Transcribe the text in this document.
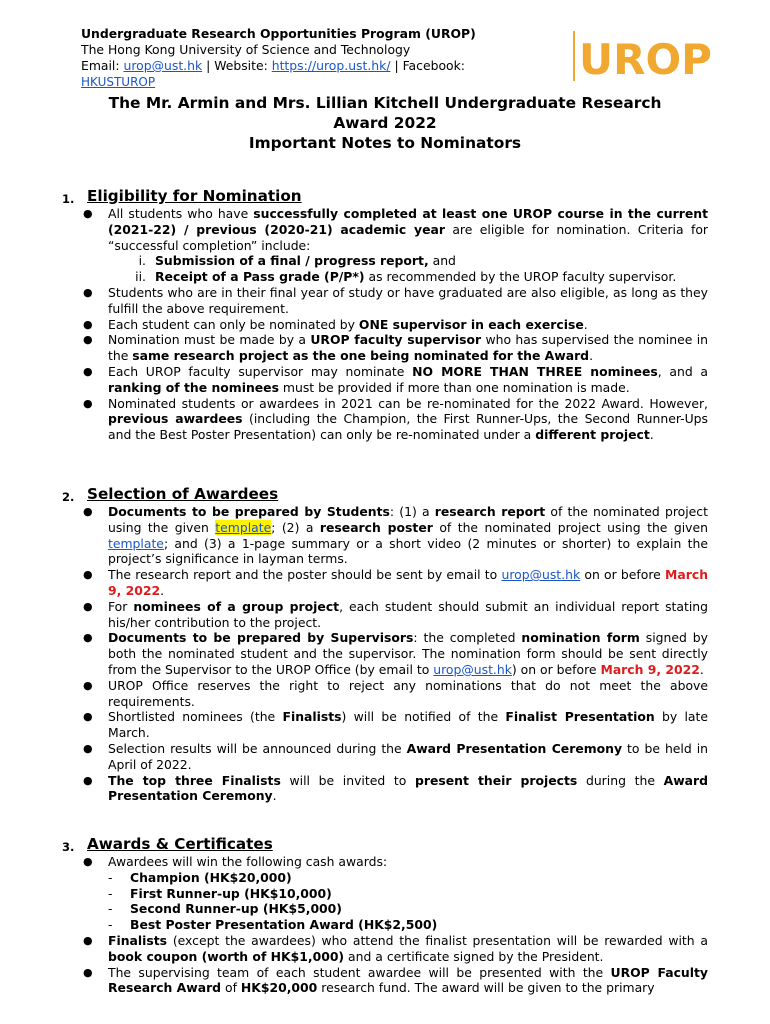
Undergraduate Research Opportunities Program (UROP)
The Hong Kong University of Science and Technology
Email: urop@ust.hk | Website: https://urop.ust.hk/ | Facebook:
HKUSTUROP	UROP
The Mr. Armin and Mrs. Lillian Kitchell Undergraduate Research
Award 2022
Important Notes to Nominators
1. Eligibility for Nomination
● All students who have successfully completed at least one UROP course in the current (2021-22) / previous (2020-21) academic year are eligible for nomination. Criteria for “successful completion” include:
i. Submission of a final / progress report, and
ii. Receipt of a Pass grade (P/P*) as recommended by the UROP faculty supervisor.
● Students who are in their final year of study or have graduated are also eligible, as long as they fulfill the above requirement.
● Each student can only be nominated by ONE supervisor in each exercise.
● Nomination must be made by a UROP faculty supervisor who has supervised the nominee in the same research project as the one being nominated for the Award.
● Each UROP faculty supervisor may nominate NO MORE THAN THREE nominees, and a ranking of the nominees must be provided if more than one nomination is made.
● Nominated students or awardees in 2021 can be re-nominated for the 2022 Award. However, previous awardees (including the Champion, the First Runner-Ups, the Second Runner-Ups and the Best Poster Presentation) can only be re-nominated under a different project.
2. Selection of Awardees
● Documents to be prepared by Students: (1) a research report of the nominated project using the given template; (2) a research poster of the nominated project using the given template; and (3) a 1-page summary or a short video (2 minutes or shorter) to explain the project’s significance in layman terms.
● The research report and the poster should be sent by email to urop@ust.hk on or before March 9, 2022.
● For nominees of a group project, each student should submit an individual report stating his/her contribution to the project.
● Documents to be prepared by Supervisors: the completed nomination form signed by both the nominated student and the supervisor. The nomination form should be sent directly from the Supervisor to the UROP Office (by email to urop@ust.hk) on or before March 9, 2022.
● UROP Office reserves the right to reject any nominations that do not meet the above requirements.
● Shortlisted nominees (the Finalists) will be notified of the Finalist Presentation by late March.
● Selection results will be announced during the Award Presentation Ceremony to be held in April of 2022.
● The top three Finalists will be invited to present their projects during the Award Presentation Ceremony.
3. Awards & Certificates
● Awardees will win the following cash awards:
- Champion (HK$20,000)
- First Runner-up (HK$10,000)
- Second Runner-up (HK$5,000)
- Best Poster Presentation Award (HK$2,500)
● Finalists (except the awardees) who attend the finalist presentation will be rewarded with a book coupon (worth of HK$1,000) and a certificate signed by the President.
● The supervising team of each student awardee will be presented with the UROP Faculty Research Award of HK$20,000 research fund. The award will be given to the primary
